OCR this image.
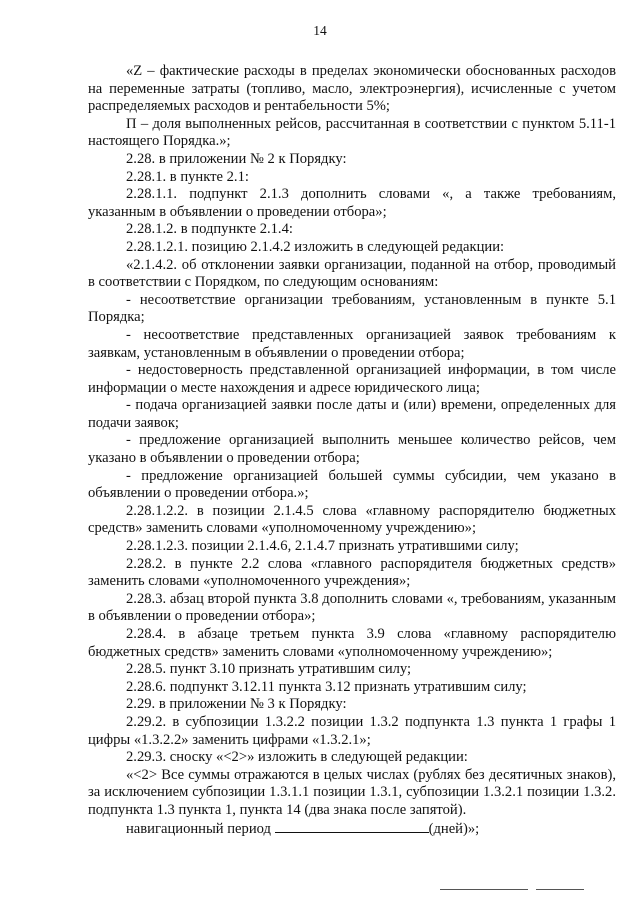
14

«Z – фактические расходы в пределах экономически обоснованных расходов на переменные затраты (топливо, масло, электроэнергия), исчисленные с учетом распределяемых расходов и рентабельности 5%;

П – доля выполненных рейсов, рассчитанная в соответствии с пунктом 5.11-1 настоящего Порядка.»;

2.28. в приложении № 2 к Порядку:

2.28.1. в пункте 2.1:

2.28.1.1. подпункт 2.1.3 дополнить словами «, а также требованиям, указанным в объявлении о проведении отбора»;

2.28.1.2. в подпункте 2.1.4:

2.28.1.2.1. позицию 2.1.4.2 изложить в следующей редакции:

«2.1.4.2. об отклонении заявки организации, поданной на отбор, проводимый в соответствии с Порядком, по следующим основаниям:

- несоответствие организации требованиям, установленным в пункте 5.1 Порядка;

- несоответствие представленных организацией заявок требованиям к заявкам, установленным в объявлении о проведении отбора;

- недостоверность представленной организацией информации, в том числе информации о месте нахождения и адресе юридического лица;

- подача организацией заявки после даты и (или) времени, определенных для подачи заявок;

- предложение организацией выполнить меньшее количество рейсов, чем указано в объявлении о проведении отбора;

- предложение организацией большей суммы субсидии, чем указано в объявлении о проведении отбора.»;

2.28.1.2.2. в позиции 2.1.4.5 слова «главному распорядителю бюджетных средств» заменить словами «уполномоченному учреждению»;

2.28.1.2.3. позиции 2.1.4.6, 2.1.4.7 признать утратившими силу;

2.28.2. в пункте 2.2 слова «главного распорядителя бюджетных средств» заменить словами «уполномоченного учреждения»;

2.28.3. абзац второй пункта 3.8 дополнить словами «, требованиям, указанным в объявлении о проведении отбора»;

2.28.4. в абзаце третьем пункта 3.9 слова «главному распорядителю бюджетных средств» заменить словами «уполномоченному учреждению»;

2.28.5. пункт 3.10 признать утратившим силу;

2.28.6. подпункт 3.12.11 пункта 3.12 признать утратившим силу;

2.29. в приложении № 3 к Порядку:

2.29.2. в субпозиции 1.3.2.2 позиции 1.3.2 подпункта 1.3 пункта 1 графы 1 цифры «1.3.2.2» заменить цифрами «1.3.2.1»;

2.29.3. сноску «<2>» изложить в следующей редакции:

«<2> Все суммы отражаются в целых числах (рублях без десятичных знаков), за исключением субпозиции 1.3.1.1 позиции 1.3.1, субпозиции 1.3.2.1 позиции 1.3.2. подпункта 1.3 пункта 1, пункта 14 (два знака после запятой).

навигационный период	(дней)»;
